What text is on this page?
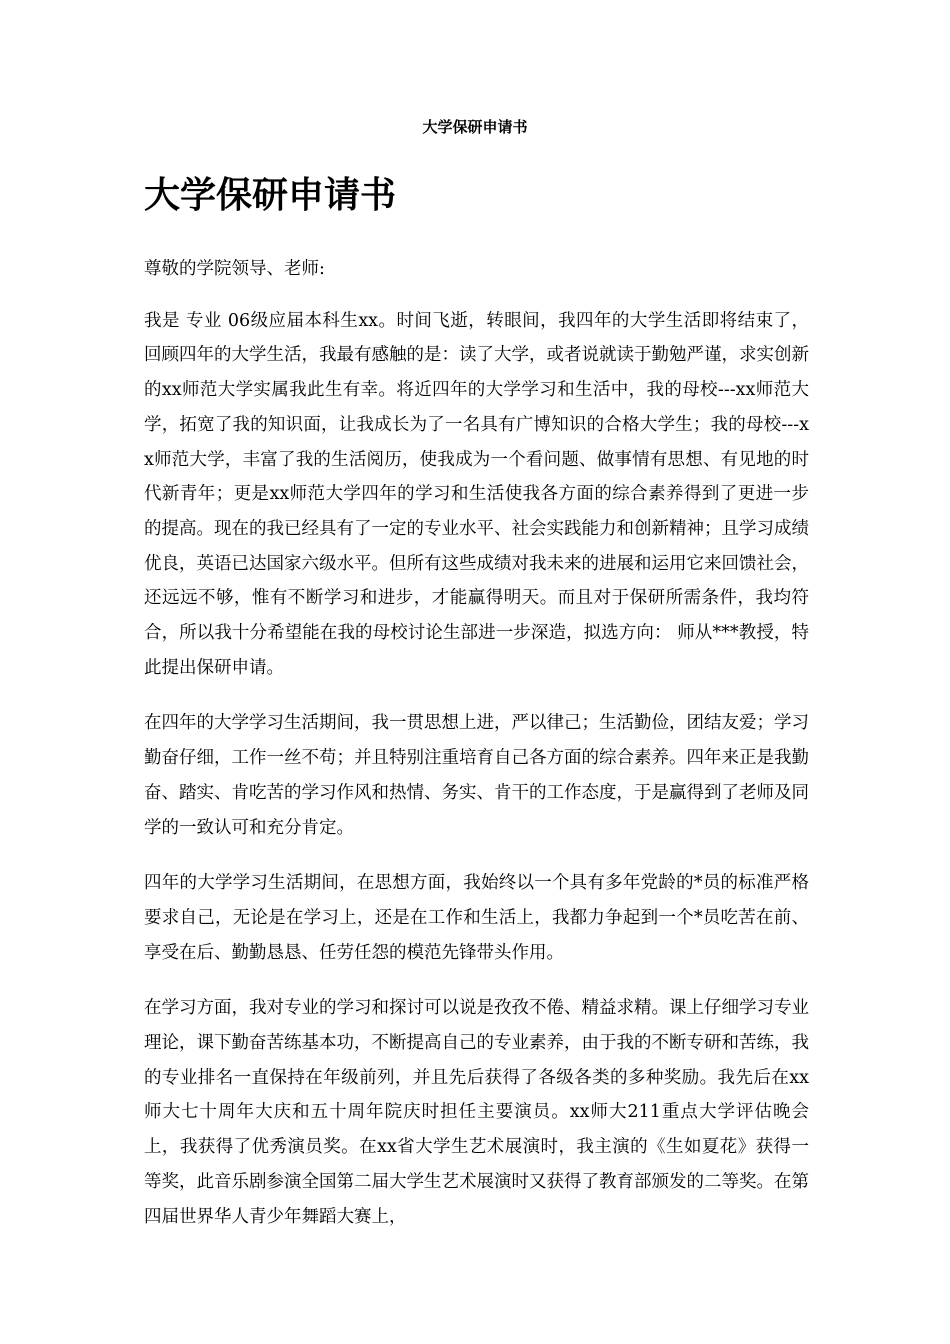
大学保研申请书
大学保研申请书

尊敬的学院领导、老师:

我是 专业 06级应届本科生xx。时间飞逝，转眼间，我四年的大学生活即将结束了，回顾四年的大学生活，我最有感触的是：读了大学，或者说就读于勤勉严谨，求实创新的xx师范大学实属我此生有幸。将近四年的大学学习和生活中，我的母校---xx师范大学，拓宽了我的知识面，让我成长为了一名具有广博知识的合格大学生；我的母校---xx师范大学，丰富了我的生活阅历，使我成为一个看问题、做事情有思想、有见地的时代新青年；更是xx师范大学四年的学习和生活使我各方面的综合素养得到了更进一步的提高。现在的我已经具有了一定的专业水平、社会实践能力和创新精神；且学习成绩优良，英语已达国家六级水平。但所有这些成绩对我未来的进展和运用它来回馈社会，还远远不够，惟有不断学习和进步，才能赢得明天。而且对于保研所需条件，我均符合，所以我十分希望能在我的母校讨论生部进一步深造，拟选方向： 师从***教授，特此提出保研申请。

在四年的大学学习生活期间，我一贯思想上进，严以律己；生活勤俭，团结友爱；学习勤奋仔细，工作一丝不苟；并且特别注重培育自己各方面的综合素养。四年来正是我勤奋、踏实、肯吃苦的学习作风和热情、务实、肯干的工作态度，于是赢得到了老师及同学的一致认可和充分肯定。

四年的大学学习生活期间，在思想方面，我始终以一个具有多年党龄的*员的标准严格要求自己，无论是在学习上，还是在工作和生活上，我都力争起到一个*员吃苦在前、享受在后、勤勤恳恳、任劳任怨的模范先锋带头作用。

在学习方面，我对专业的学习和探讨可以说是孜孜不倦、精益求精。课上仔细学习专业理论，课下勤奋苦练基本功，不断提高自己的专业素养，由于我的不断专研和苦练，我的专业排名一直保持在年级前列，并且先后获得了各级各类的多种奖励。我先后在xx师大七十周年大庆和五十周年院庆时担任主要演员。xx师大211重点大学评估晚会上，我获得了优秀演员奖。在xx省大学生艺术展演时，我主演的《生如夏花》获得一等奖，此音乐剧参演全国第二届大学生艺术展演时又获得了教育部颁发的二等奖。在第四届世界华人青少年舞蹈大赛上，
